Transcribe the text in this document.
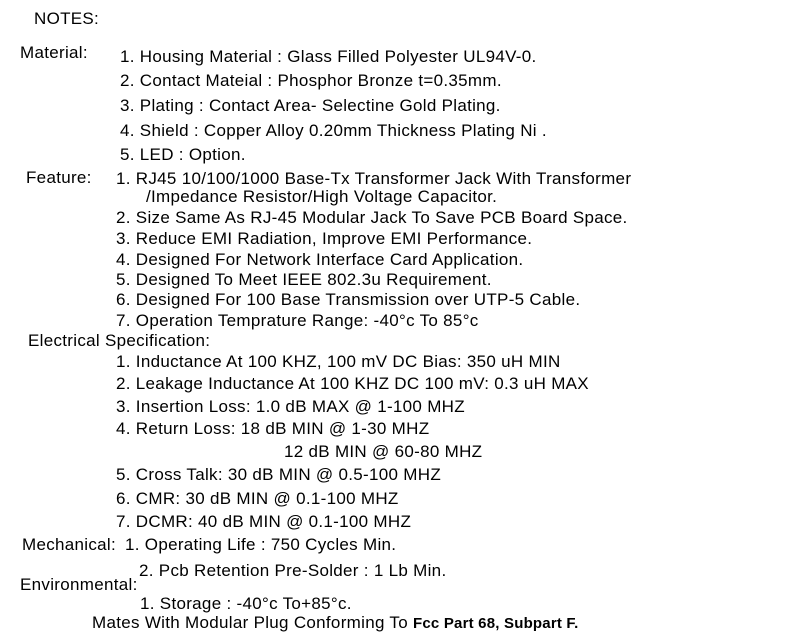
NOTES:
Material: 1. Housing Material : Glass Filled Polyester UL94V-0.
2. Contact Mateial : Phosphor Bronze t=0.35mm.
3. Plating : Contact Area- Selectine Gold Plating.
4. Shield : Copper Alloy 0.20mm Thickness Plating Ni .
5. LED : Option.
Feature: 1. RJ45 10/100/1000 Base-Tx Transformer Jack With Transformer
/Impedance Resistor/High Voltage Capacitor.
2. Size Same As RJ-45 Modular Jack To Save PCB Board Space.
3. Reduce EMI Radiation, Improve EMI Performance.
4. Designed For Network Interface Card Application.
5. Designed To Meet IEEE 802.3u Requirement.
6. Designed For 100 Base Transmission over UTP-5 Cable.
7. Operation Temprature Range: -40°c To 85°c
Electrical Specification:
1. Inductance At 100 KHZ, 100 mV DC Bias: 350 uH MIN
2. Leakage Inductance At 100 KHZ DC 100 mV: 0.3 uH MAX
3. Insertion Loss: 1.0 dB MAX @ 1-100 MHZ
4. Return Loss: 18 dB MIN @ 1-30 MHZ
12 dB MIN @ 60-80 MHZ
5. Cross Talk: 30 dB MIN @ 0.5-100 MHZ
6. CMR: 30 dB MIN @ 0.1-100 MHZ
7. DCMR: 40 dB MIN @ 0.1-100 MHZ
Mechanical: 1. Operating Life : 750 Cycles Min.
2. Pcb Retention Pre-Solder : 1 Lb Min.
Environmental:
1. Storage : -40°c To+85°c.
Mates With Modular Plug Conforming To Fcc Part 68, Subpart F.
